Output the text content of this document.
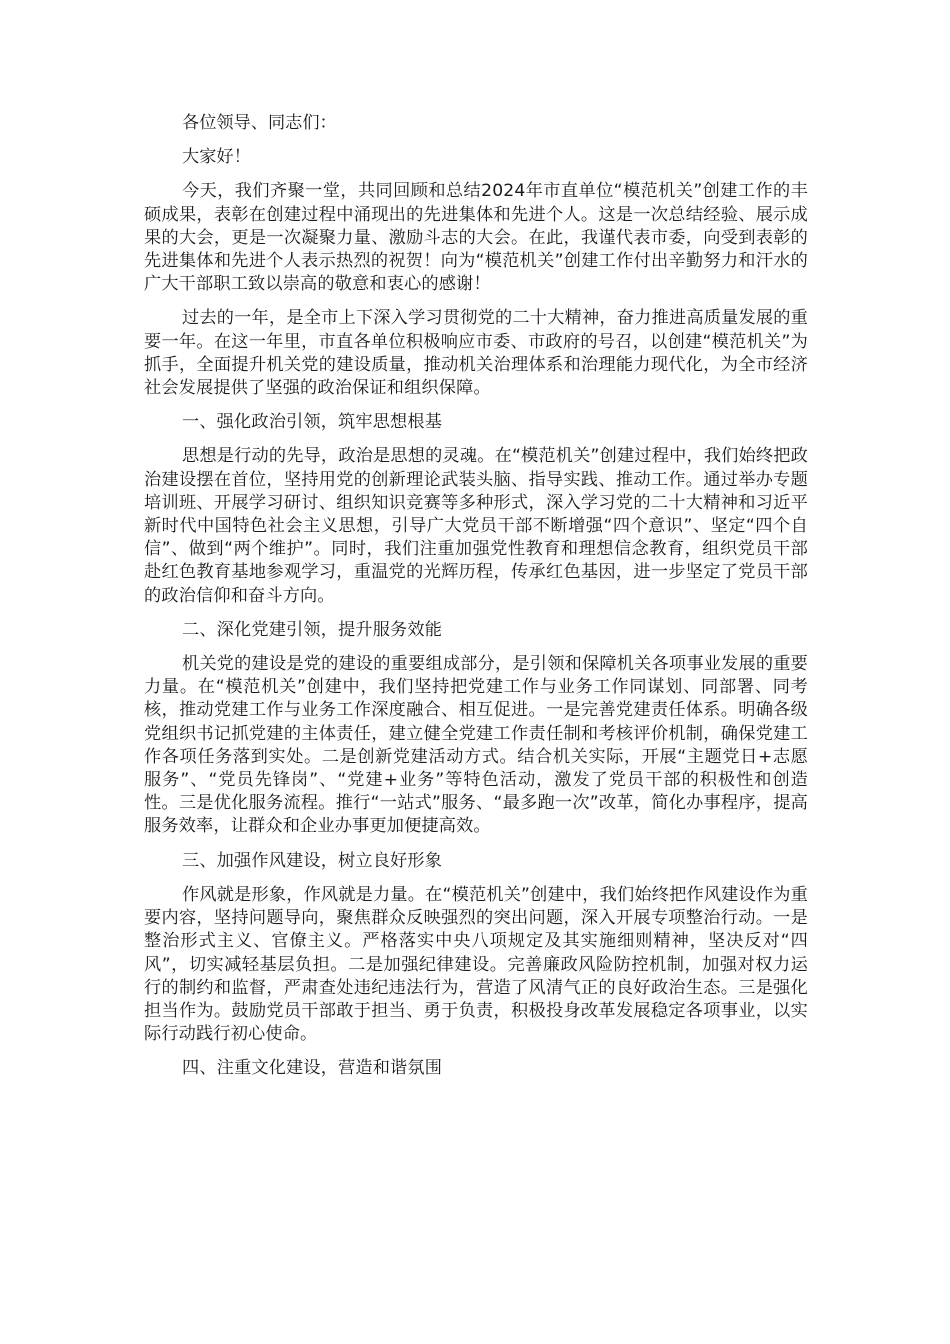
各位领导、同志们：

大家好！

今天，我们齐聚一堂，共同回顾和总结2024年市直单位“模范机关”创建工作的丰硕成果，表彰在创建过程中涌现出的先进集体和先进个人。这是一次总结经验、展示成果的大会，更是一次凝聚力量、激励斗志的大会。在此，我谨代表市委，向受到表彰的先进集体和先进个人表示热烈的祝贺！向为“模范机关”创建工作付出辛勤努力和汗水的广大干部职工致以崇高的敬意和衷心的感谢！

过去的一年，是全市上下深入学习贯彻党的二十大精神，奋力推进高质量发展的重要一年。在这一年里，市直各单位积极响应市委、市政府的号召，以创建“模范机关”为抓手，全面提升机关党的建设质量，推动机关治理体系和治理能力现代化，为全市经济社会发展提供了坚强的政治保证和组织保障。

一、强化政治引领，筑牢思想根基

思想是行动的先导，政治是思想的灵魂。在“模范机关”创建过程中，我们始终把政治建设摆在首位，坚持用党的创新理论武装头脑、指导实践、推动工作。通过举办专题培训班、开展学习研讨、组织知识竞赛等多种形式，深入学习党的二十大精神和习近平新时代中国特色社会主义思想，引导广大党员干部不断增强“四个意识”、坚定“四个自信”、做到“两个维护”。同时，我们注重加强党性教育和理想信念教育，组织党员干部赴红色教育基地参观学习，重温党的光辉历程，传承红色基因，进一步坚定了党员干部的政治信仰和奋斗方向。

二、深化党建引领，提升服务效能

机关党的建设是党的建设的重要组成部分，是引领和保障机关各项事业发展的重要力量。在“模范机关”创建中，我们坚持把党建工作与业务工作同谋划、同部署、同考核，推动党建工作与业务工作深度融合、相互促进。一是完善党建责任体系。明确各级党组织书记抓党建的主体责任，建立健全党建工作责任制和考核评价机制，确保党建工作各项任务落到实处。二是创新党建活动方式。结合机关实际，开展“主题党日+志愿服务”、“党员先锋岗”、“党建+业务”等特色活动，激发了党员干部的积极性和创造性。三是优化服务流程。推行“一站式”服务、“最多跑一次”改革，简化办事程序，提高服务效率，让群众和企业办事更加便捷高效。

三、加强作风建设，树立良好形象

作风就是形象，作风就是力量。在“模范机关”创建中，我们始终把作风建设作为重要内容，坚持问题导向，聚焦群众反映强烈的突出问题，深入开展专项整治行动。一是整治形式主义、官僚主义。严格落实中央八项规定及其实施细则精神，坚决反对“四风”，切实减轻基层负担。二是加强纪律建设。完善廉政风险防控机制，加强对权力运行的制约和监督，严肃查处违纪违法行为，营造了风清气正的良好政治生态。三是强化担当作为。鼓励党员干部敢于担当、勇于负责，积极投身改革发展稳定各项事业，以实际行动践行初心使命。

四、注重文化建设，营造和谐氛围
